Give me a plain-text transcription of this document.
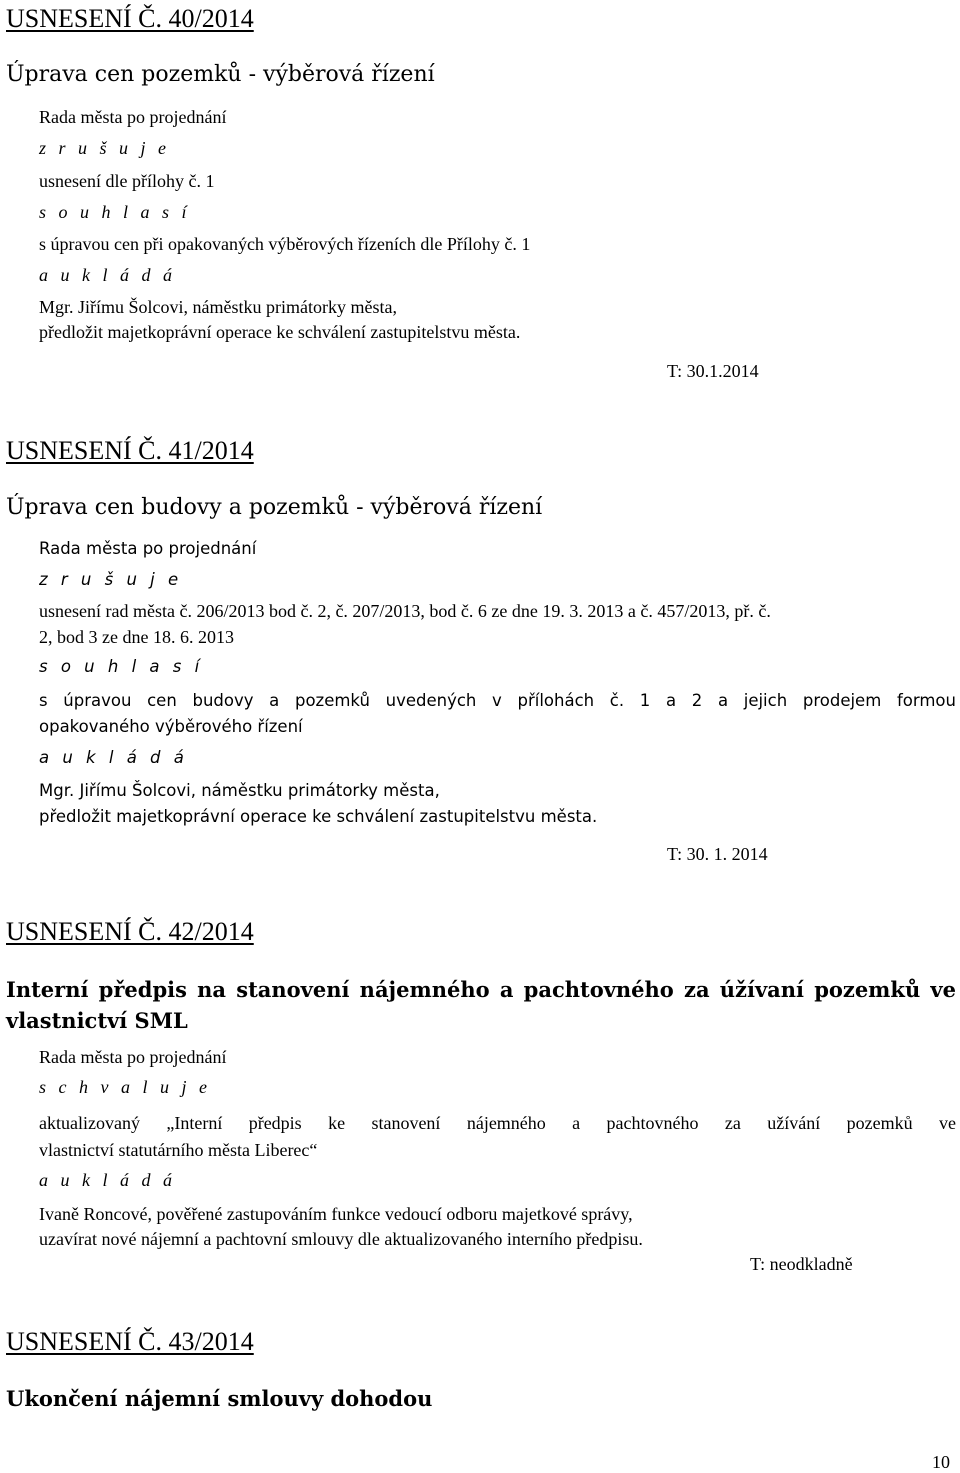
USNESENÍ Č. 40/2014
Úprava cen pozemků - výběrová řízení
Rada města po projednání
z r u š u j e
usnesení dle přílohy č. 1
s o u h l a s í
s úpravou cen při opakovaných výběrových řízeních dle Přílohy č. 1
a u k l á d á
Mgr. Jiřímu Šolcovi, náměstku primátorky města,
předložit majetkoprávní operace ke schválení zastupitelstvu města.
T: 30.1.2014
USNESENÍ Č. 41/2014
Úprava cen budovy a pozemků - výběrová řízení
Rada města po projednání
z r u š u j e
usnesení rad města č. 206/2013 bod č. 2, č. 207/2013, bod č. 6 ze dne 19. 3. 2013 a č. 457/2013, př. č.
2, bod 3 ze dne 18. 6. 2013
s o u h l a s í
s úpravou cen budovy a pozemků uvedených v přílohách č. 1 a 2 a jejich prodejem formou
opakovaného výběrového řízení
a u k l á d á
Mgr. Jiřímu Šolcovi, náměstku primátorky města,
předložit majetkoprávní operace ke schválení zastupitelstvu města.
T: 30. 1. 2014
USNESENÍ Č. 42/2014
Interní předpis na stanovení nájemného a pachtovného za úžívaní pozemků ve
vlastnictví SML
Rada města po projednání
s c h v a l u j e
aktualizovaný „Interní předpis ke stanovení nájemného a pachtovného za užívání pozemků ve
vlastnictví statutárního města Liberec“
a u k l á d á
Ivaně Roncové, pověřené zastupováním funkce vedoucí odboru majetkové správy,
uzavírat nové nájemní a pachtovní smlouvy dle aktualizovaného interního předpisu.
T: neodkladně
USNESENÍ Č. 43/2014
Ukončení nájemní smlouvy dohodou
10
